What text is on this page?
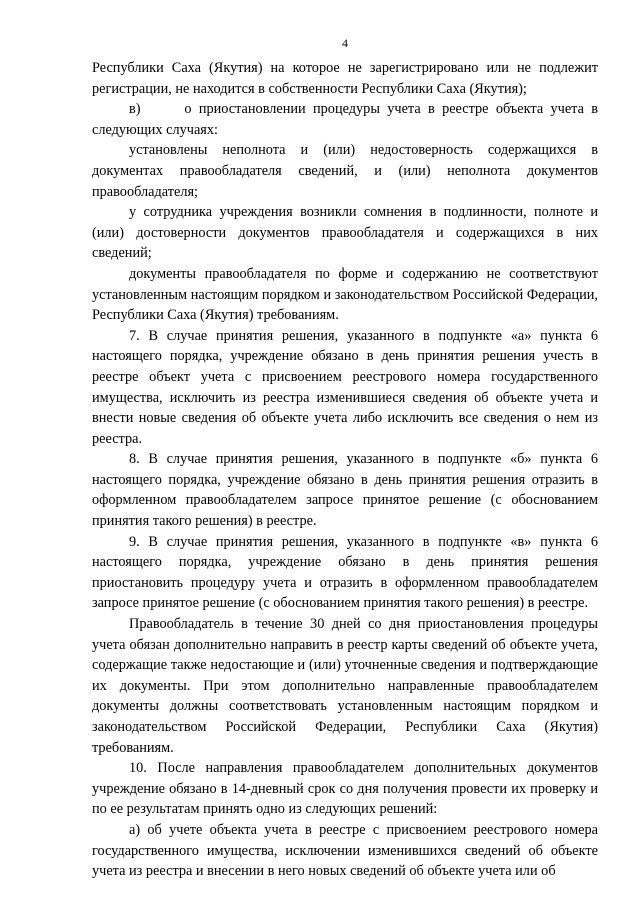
4

Республики Саха (Якутия) на которое не зарегистрировано или не подлежит регистрации, не находится в собственности Республики Саха (Якутия);

в)      о приостановлении процедуры учета в реестре объекта учета в следующих случаях:

установлены неполнота и (или) недостоверность содержащихся в документах правообладателя сведений, и (или) неполнота документов правообладателя;

у сотрудника учреждения возникли сомнения в подлинности, полноте и (или) достоверности документов правообладателя и содержащихся в них сведений;

документы правообладателя по форме и содержанию не соответствуют установленным настоящим порядком и законодательством Российской Федерации, Республики Саха (Якутия) требованиям.

7. В случае принятия решения, указанного в подпункте «а» пункта 6 настоящего порядка, учреждение обязано в день принятия решения учесть в реестре объект учета с присвоением реестрового номера государственного имущества, исключить из реестра изменившиеся сведения об объекте учета и внести новые сведения об объекте учета либо исключить все сведения о нем из реестра.

8. В случае принятия решения, указанного в подпункте «б» пункта 6 настоящего порядка, учреждение обязано в день принятия решения отразить в оформленном правообладателем запросе принятое решение (с обоснованием принятия такого решения) в реестре.

9. В случае принятия решения, указанного в подпункте «в» пункта 6 настоящего порядка, учреждение обязано в день принятия решения приостановить процедуру учета и отразить в оформленном правообладателем запросе принятое решение (с обоснованием принятия такого решения) в реестре.

Правообладатель в течение 30 дней со дня приостановления процедуры учета обязан дополнительно направить в реестр карты сведений об объекте учета, содержащие также недостающие и (или) уточненные сведения и подтверждающие их документы. При этом дополнительно направленные правообладателем документы должны соответствовать установленным настоящим порядком и законодательством Российской Федерации, Республики Саха (Якутия) требованиям.

10. После направления правообладателем дополнительных документов учреждение обязано в 14-дневный срок со дня получения провести их проверку и по ее результатам принять одно из следующих решений:

а) об учете объекта учета в реестре с присвоением реестрового номера государственного имущества, исключении изменившихся сведений об объекте учета из реестра и внесении в него новых сведений об объекте учета или об
